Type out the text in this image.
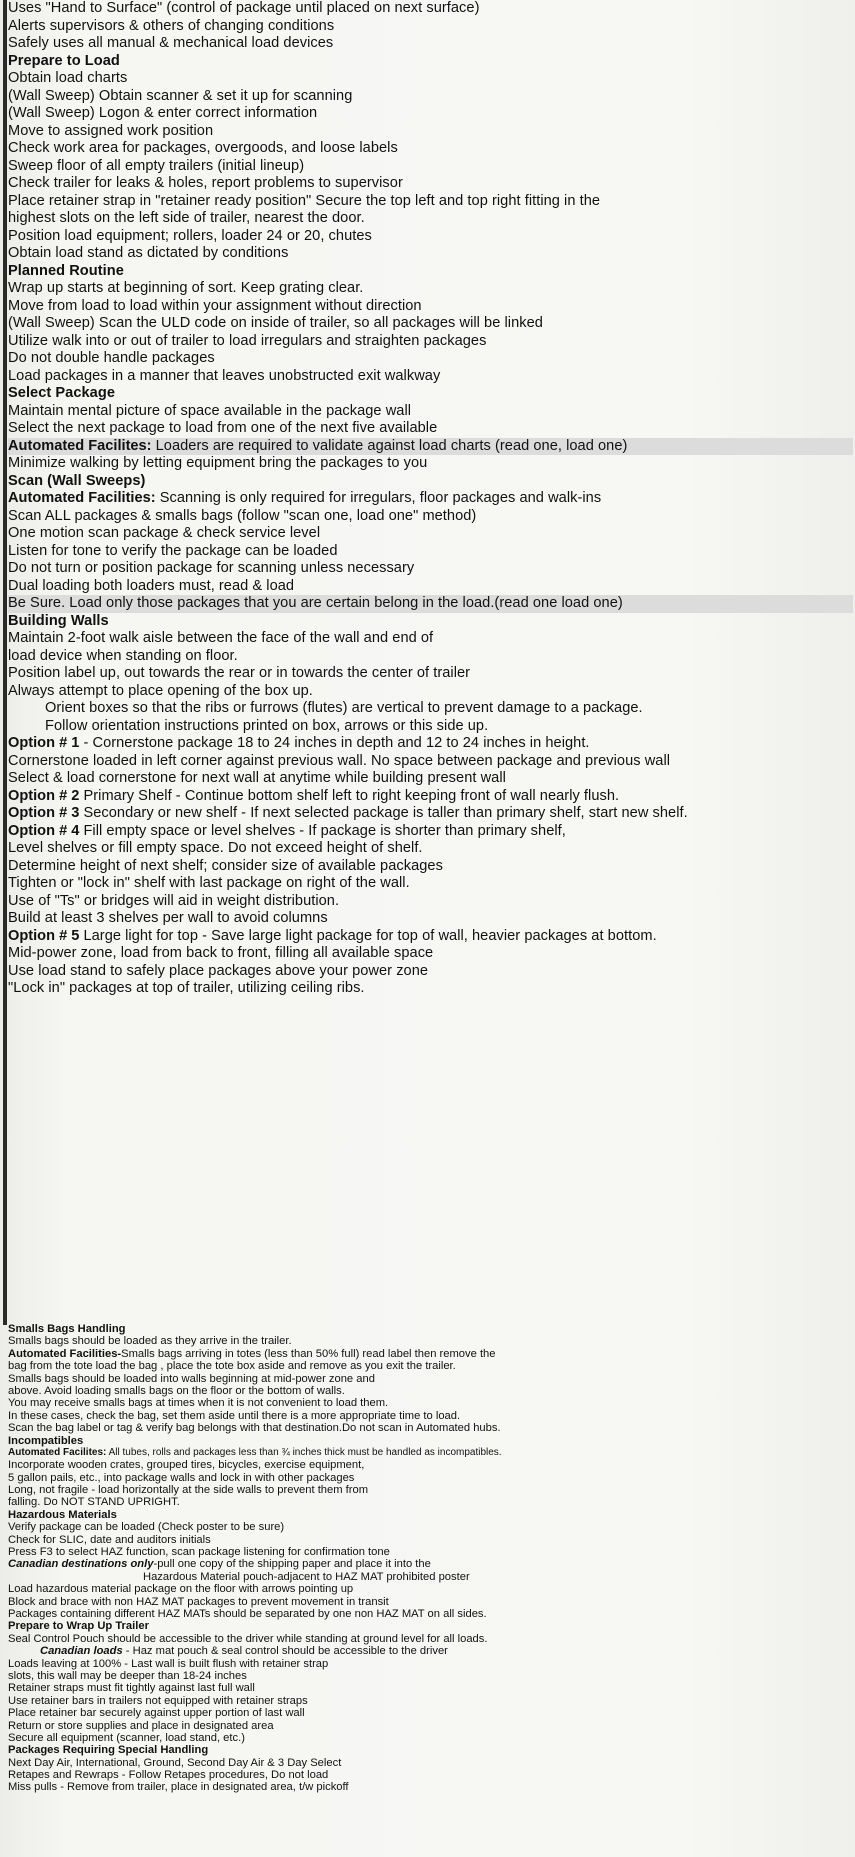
Uses "Hand to Surface" (control of package until placed on next surface)
Alerts supervisors & others of changing conditions
Safely uses all manual & mechanical load devices
Prepare to Load
Obtain load charts
(Wall Sweep) Obtain scanner & set it up for scanning
(Wall Sweep) Logon & enter correct information
Move to assigned work position
Check work area for packages, overgoods, and loose labels
Sweep floor of all empty trailers (initial lineup)
Check trailer for leaks & holes, report problems to supervisor
Place retainer strap in "retainer ready position" Secure the top left and top right fitting in the
highest slots on the left side of trailer, nearest the door.
Position load equipment; rollers, loader 24 or 20, chutes
Obtain load stand as dictated by conditions
Planned Routine
Wrap up starts at beginning of sort. Keep grating clear.
Move from load to load within your assignment without direction
(Wall Sweep) Scan the ULD code on inside of trailer, so all packages will be linked
Utilize walk into or out of trailer to load irregulars and straighten packages
Do not double handle packages
Load packages in a manner that leaves unobstructed exit walkway
Select Package
Maintain mental picture of space available in the package wall
Select the next package to load from one of the next five available
Automated Facilites: Loaders are required to validate against load charts (read one, load one)
Minimize walking by letting equipment bring the packages to you
Scan (Wall Sweeps)
Automated Facilities: Scanning is only required for irregulars, floor packages and walk-ins
Scan ALL packages & smalls bags (follow "scan one, load one" method)
One motion scan package & check service level
Listen for tone to verify the package can be loaded
Do not turn or position package for scanning unless necessary
Dual loading both loaders must, read & load
Be Sure. Load only those packages that you are certain belong in the load.(read one load one)
Building Walls
Maintain 2-foot walk aisle between the face of the wall and end of
load device when standing on floor.
Position label up, out towards the rear or in towards the center of trailer
Always attempt to place opening of the box up.
Orient boxes so that the ribs or furrows (flutes) are vertical to prevent damage to a package.
Follow orientation instructions printed on box, arrows or this side up.
Option # 1 - Cornerstone package 18 to 24 inches in depth and 12 to 24 inches in height.
Cornerstone loaded in left corner against previous wall. No space between package and previous wall
Select & load cornerstone for next wall at anytime while building present wall
Option # 2 Primary Shelf - Continue bottom shelf left to right keeping front of wall nearly flush.
Option # 3 Secondary or new shelf - If next selected package is taller than primary shelf, start new shelf.
Option # 4 Fill empty space or level shelves - If package is shorter than primary shelf,
Level shelves or fill empty space. Do not exceed height of shelf.
Determine height of next shelf; consider size of available packages
Tighten or "lock in" shelf with last package on right of the wall.
Use of "Ts" or bridges will aid in weight distribution.
Build at least 3 shelves per wall to avoid columns
Option # 5 Large light for top - Save large light package for top of wall, heavier packages at bottom.
Mid-power zone, load from back to front, filling all available space
Use load stand to safely place packages above your power zone
"Lock in" packages at top of trailer, utilizing ceiling ribs.
Smalls Bags Handling
Smalls bags should be loaded as they arrive in the trailer.
Automated Facilities-Smalls bags arriving in totes (less than 50% full) read label then remove the
bag from the tote load the bag , place the tote box aside and remove as you exit the trailer.
Smalls bags should be loaded into walls beginning at mid-power zone and
above. Avoid loading smalls bags on the floor or the bottom of walls.
You may receive smalls bags at times when it is not convenient to load them.
In these cases, check the bag, set them aside until there is a more appropriate time to load.
Scan the bag label or tag & verify bag belongs with that destination.Do not scan in Automated hubs.
Incompatibles
Automated Facilites: All tubes, rolls and packages less than ¾ inches thick must be handled as incompatibles.
Incorporate wooden crates, grouped tires, bicycles, exercise equipment,
5 gallon pails, etc., into package walls and lock in with other packages
Long, not fragile - load horizontally at the side walls to prevent them from
falling. Do NOT STAND UPRIGHT.
Hazardous Materials
Verify package can be loaded (Check poster to be sure)
Check for SLIC, date and auditors initials
Press F3 to select HAZ function, scan package listening for confirmation tone
Canadian destinations only-pull one copy of the shipping paper and place it into the
Hazardous Material pouch-adjacent to HAZ MAT prohibited poster
Load hazardous material package on the floor with arrows pointing up
Block and brace with non HAZ MAT packages to prevent movement in transit
Packages containing different HAZ MATs should be separated by one non HAZ MAT on all sides.
Prepare to Wrap Up Trailer
Seal Control Pouch should be accessible to the driver while standing at ground level for all loads.
Canadian loads - Haz mat pouch & seal control should be accessible to the driver
Loads leaving at 100% - Last wall is built flush with retainer strap
slots, this wall may be deeper than 18-24 inches
Retainer straps must fit tightly against last full wall
Use retainer bars in trailers not equipped with retainer straps
Place retainer bar securely against upper portion of last wall
Return or store supplies and place in designated area
Secure all equipment (scanner, load stand, etc.)
Packages Requiring Special Handling
Next Day Air, International, Ground, Second Day Air & 3 Day Select
Retapes and Rewraps - Follow Retapes procedures, Do not load
Miss pulls - Remove from trailer, place in designated area, t/w pickoff
